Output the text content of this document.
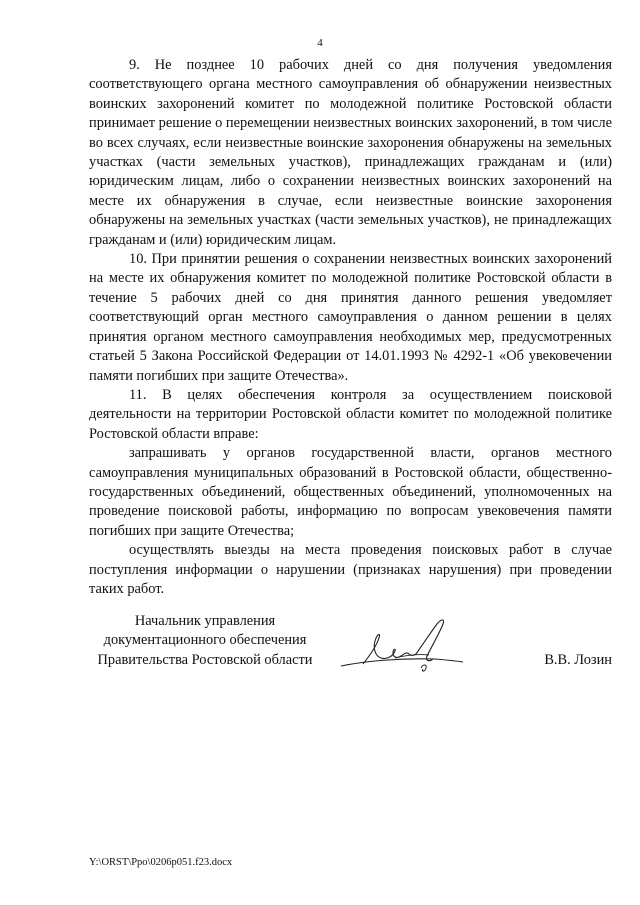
4

9. Не позднее 10 рабочих дней со дня получения уведомления соответствующего органа местного самоуправления об обнаружении неизвестных воинских захоронений комитет по молодежной политике Ростовской области принимает решение о перемещении неизвестных воинских захоронений, в том числе во всех случаях, если неизвестные воинские захоронения обнаружены на земельных участках (части земельных участков), принадлежащих гражданам и (или) юридическим лицам, либо о сохранении неизвестных воинских захоронений на месте их обнаружения в случае, если неизвестные воинские захоронения обнаружены на земельных участках (части земельных участков), не принадлежащих гражданам и (или) юридическим лицам.

10. При принятии решения о сохранении неизвестных воинских захоронений на месте их обнаружения комитет по молодежной политике Ростовской области в течение 5 рабочих дней со дня принятия данного решения уведомляет соответствующий орган местного самоуправления о данном решении в целях принятия органом местного самоуправления необходимых мер, предусмотренных статьей 5 Закона Российской Федерации от 14.01.1993 № 4292-1 «Об увековечении памяти погибших при защите Отечества».

11. В целях обеспечения контроля за осуществлением поисковой деятельности на территории Ростовской области комитет по молодежной политике Ростовской области вправе:

запрашивать у органов государственной власти, органов местного самоуправления муниципальных образований в Ростовской области, общественно-государственных объединений, общественных объединений, уполномоченных на проведение поисковой работы, информацию по вопросам увековечения памяти погибших при защите Отечества;

осуществлять выезды на места проведения поисковых работ в случае поступления информации о нарушении (признаках нарушения) при проведении таких работ.

Начальник управления
документационного обеспечения
Правительства Ростовской области	В.В. Лозин
Y:\ORST\Ppo\0206p051.f23.docx
